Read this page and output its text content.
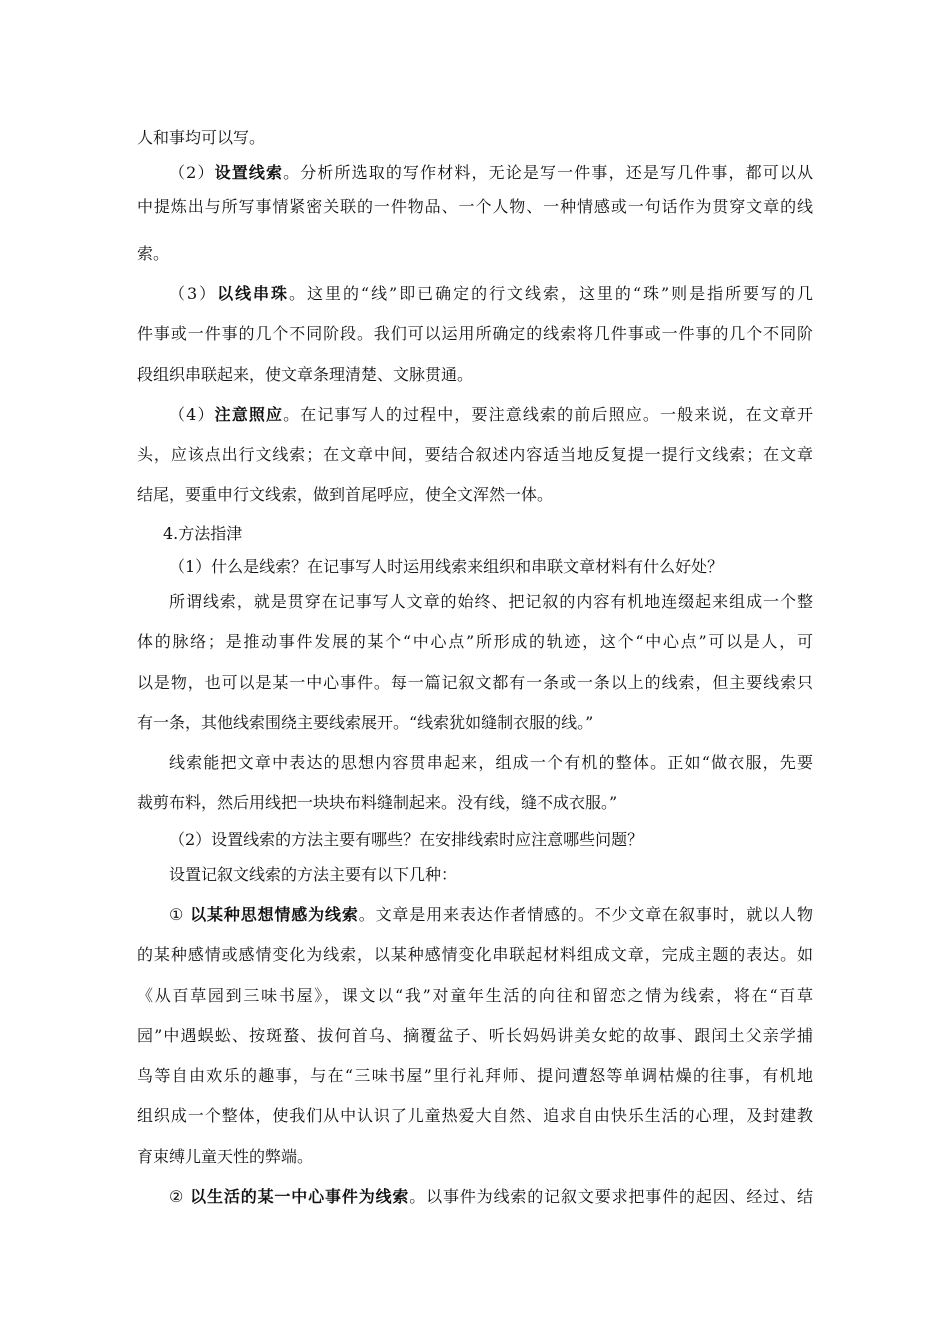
人和事均可以写。
（2）设置线索。分析所选取的写作材料，无论是写一件事，还是写几件事，都可以从
中提炼出与所写事情紧密关联的一件物品、一个人物、一种情感或一句话作为贯穿文章的线
索。
（3）以线串珠。这里的“线”即已确定的行文线索，这里的“珠”则是指所要写的几
件事或一件事的几个不同阶段。我们可以运用所确定的线索将几件事或一件事的几个不同阶
段组织串联起来，使文章条理清楚、文脉贯通。
（4）注意照应。在记事写人的过程中，要注意线索的前后照应。一般来说，在文章开
头，应该点出行文线索；在文章中间，要结合叙述内容适当地反复提一提行文线索；在文章
结尾，要重申行文线索，做到首尾呼应，使全文浑然一体。
4.方法指津
（1）什么是线索？在记事写人时运用线索来组织和串联文章材料有什么好处？
所谓线索，就是贯穿在记事写人文章的始终、把记叙的内容有机地连缀起来组成一个整
体的脉络；是推动事件发展的某个“中心点”所形成的轨迹，这个“中心点”可以是人，可
以是物，也可以是某一中心事件。每一篇记叙文都有一条或一条以上的线索，但主要线索只
有一条，其他线索围绕主要线索展开。“线索犹如缝制衣服的线。”
线索能把文章中表达的思想内容贯串起来，组成一个有机的整体。正如“做衣服，先要
裁剪布料，然后用线把一块块布料缝制起来。没有线，缝不成衣服。”
（2）设置线索的方法主要有哪些？在安排线索时应注意哪些问题？
设置记叙文线索的方法主要有以下几种：
① 以某种思想情感为线索。文章是用来表达作者情感的。不少文章在叙事时，就以人物
的某种感情或感情变化为线索，以某种感情变化串联起材料组成文章，完成主题的表达。如
《从百草园到三味书屋》，课文以“我”对童年生活的向往和留恋之情为线索，将在“百草
园”中遇蜈蚣、按斑蝥、拔何首乌、摘覆盆子、听长妈妈讲美女蛇的故事、跟闰土父亲学捕
鸟等自由欢乐的趣事，与在“三味书屋”里行礼拜师、提问遭怒等单调枯燥的往事，有机地
组织成一个整体，使我们从中认识了儿童热爱大自然、追求自由快乐生活的心理，及封建教
育束缚儿童天性的弊端。
② 以生活的某一中心事件为线索。以事件为线索的记叙文要求把事件的起因、经过、结
